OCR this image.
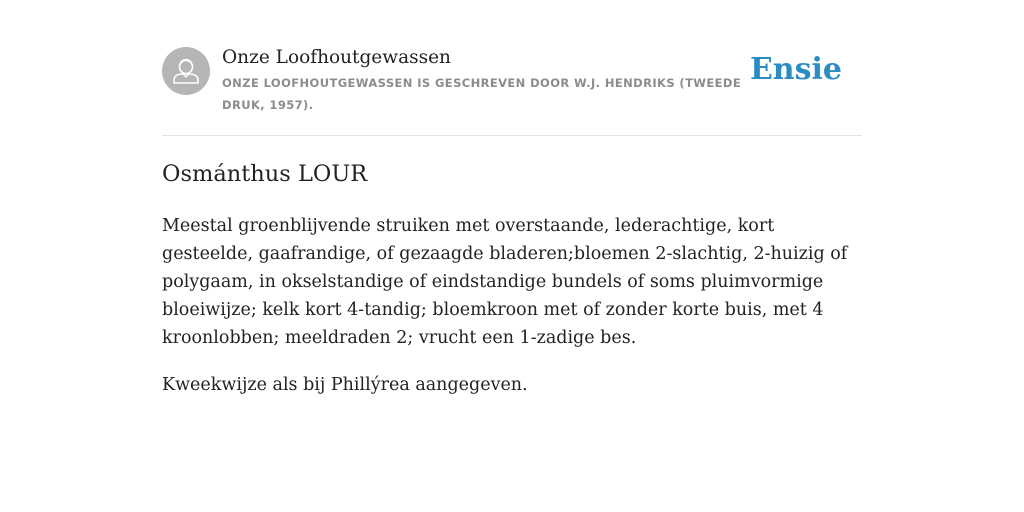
Onze Loofhoutgewassen
ONZE LOOFHOUTGEWASSEN IS GESCHREVEN DOOR W.J. HENDRIKS (TWEEDE DRUK, 1957).
Ensie
Osmánthus LOUR

Meestal groenblijvende struiken met overstaande, lederachtige, kort gesteelde, gaafrandige, of gezaagde bladeren;bloemen 2-slachtig, 2-huizig of polygaam, in okselstandige of eindstandige bundels of soms pluimvormige bloeiwijze; kelk kort 4-tandig; bloemkroon met of zonder korte buis, met 4 kroonlobben; meeldraden 2; vrucht een 1-zadige bes.

Kweekwijze als bij Phillýrea aangegeven.
